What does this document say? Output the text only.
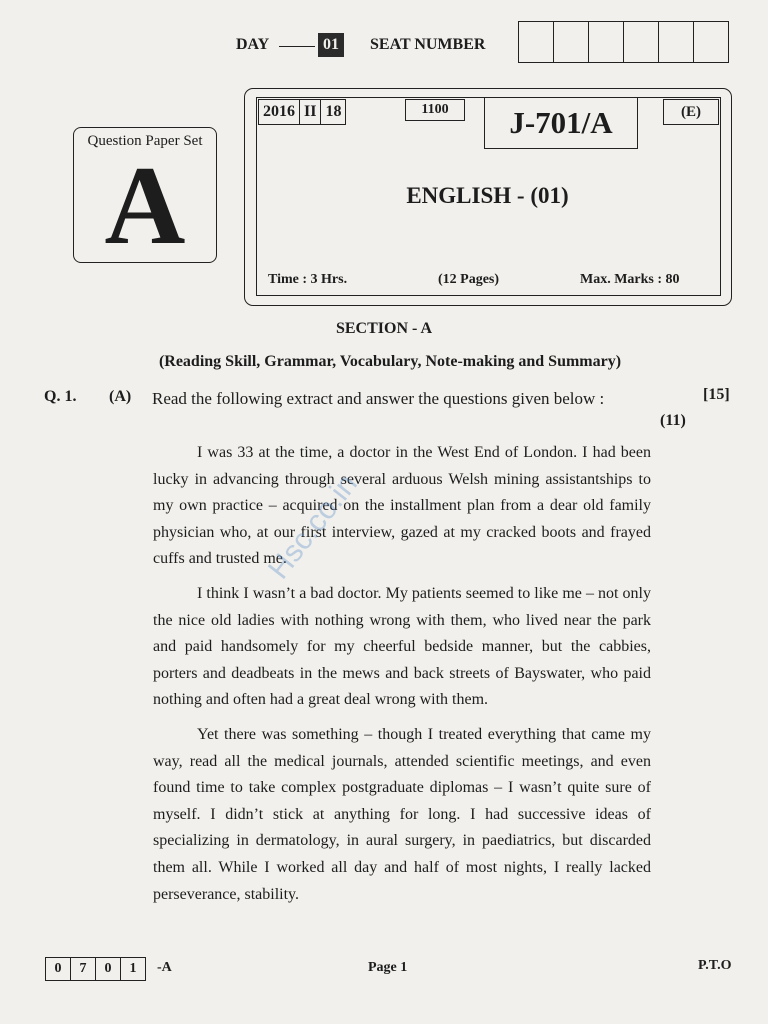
DAY	01	SEAT NUMBER
Question Paper Set
A
2016 II 18	1100	J-701/A	(E)
ENGLISH - (01)
Time : 3 Hrs.	(12 Pages)	Max. Marks : 80
SECTION - A
(Reading Skill, Grammar, Vocabulary, Note-making and Summary)
Q. 1. (A) Read the following extract and answer the questions given below :	[15]
(11)

I was 33 at the time, a doctor in the West End of London. I had been lucky in advancing through several arduous Welsh mining assistantships to my own practice – acquired on the installment plan from a dear old family physician who, at our first interview, gazed at my cracked boots and frayed cuffs and trusted me.

I think I wasn’t a bad doctor. My patients seemed to like me – not only the nice old ladies with nothing wrong with them, who lived near the park and paid handsomely for my cheerful bedside manner, but the cabbies, porters and deadbeats in the mews and back streets of Bayswater, who paid nothing and often had a great deal wrong with them.

Yet there was something – though I treated everything that came my way, read all the medical journals, attended scientific meetings, and even found time to take complex postgraduate diplomas – I wasn’t quite sure of myself. I didn’t stick at anything for long. I had successive ideas of specializing in dermatology, in aural surgery, in paediatrics, but discarded them all. While I worked all day and half of most nights, I really lacked perseverance, stability.

Hsc.co.in
0	7	0	1	-A	Page 1	P.T.O
